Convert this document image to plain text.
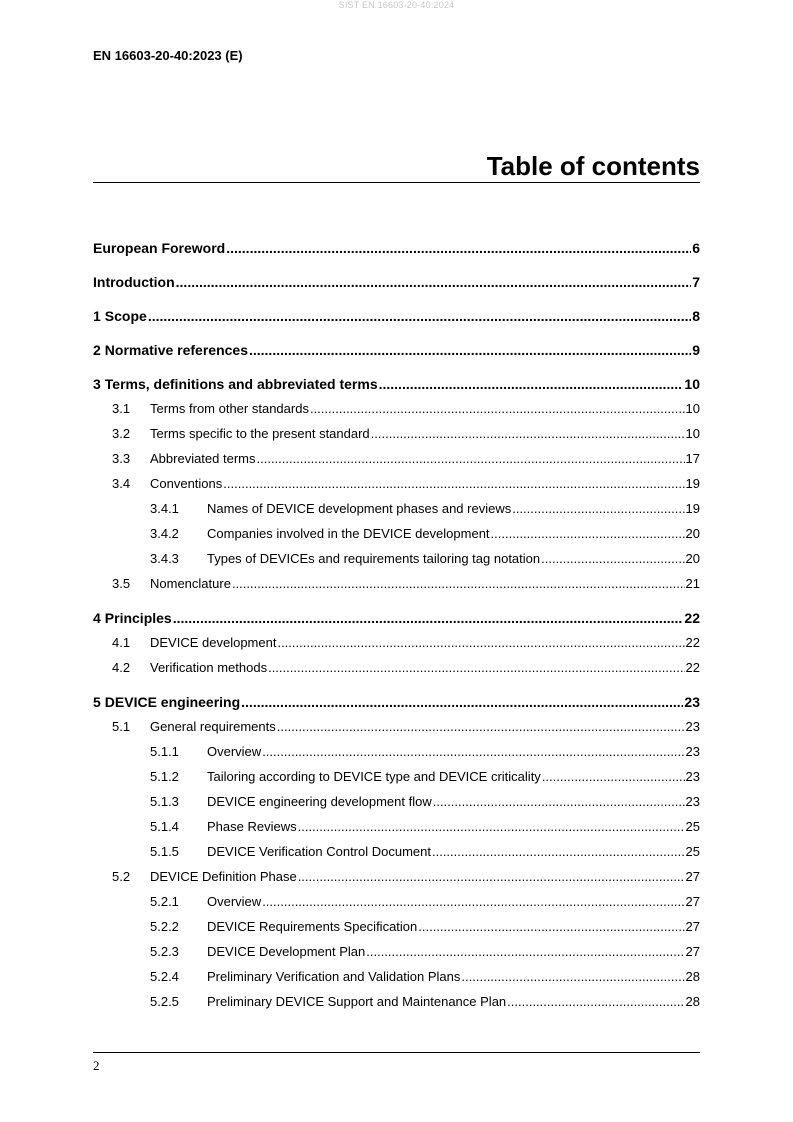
SIST EN 16603-20-40:2024
EN 16603-20-40:2023 (E)
Table of contents
European Foreword .....	6
Introduction .....	7
1 Scope .....	8
2 Normative references .....	9
3 Terms, definitions and abbreviated terms .....	10
3.1	Terms from other standards .....	10
3.2	Terms specific to the present standard .....	10
3.3	Abbreviated terms .....	17
3.4	Conventions .....	19
3.4.1	Names of DEVICE development phases and reviews .....	19
3.4.2	Companies involved in the DEVICE development .....	20
3.4.3	Types of DEVICEs and requirements tailoring tag notation .....	20
3.5	Nomenclature .....	21
4 Principles .....	22
4.1	DEVICE development .....	22
4.2	Verification methods .....	22
5 DEVICE engineering .....	23
5.1	General requirements .....	23
5.1.1	Overview .....	23
5.1.2	Tailoring according to DEVICE type and DEVICE criticality .....	23
5.1.3	DEVICE engineering development flow .....	23
5.1.4	Phase Reviews .....	25
5.1.5	DEVICE Verification Control Document .....	25
5.2	DEVICE Definition Phase .....	27
5.2.1	Overview .....	27
5.2.2	DEVICE Requirements Specification .....	27
5.2.3	DEVICE Development Plan .....	27
5.2.4	Preliminary Verification and Validation Plans .....	28
5.2.5	Preliminary DEVICE Support and Maintenance Plan .....	28
2
